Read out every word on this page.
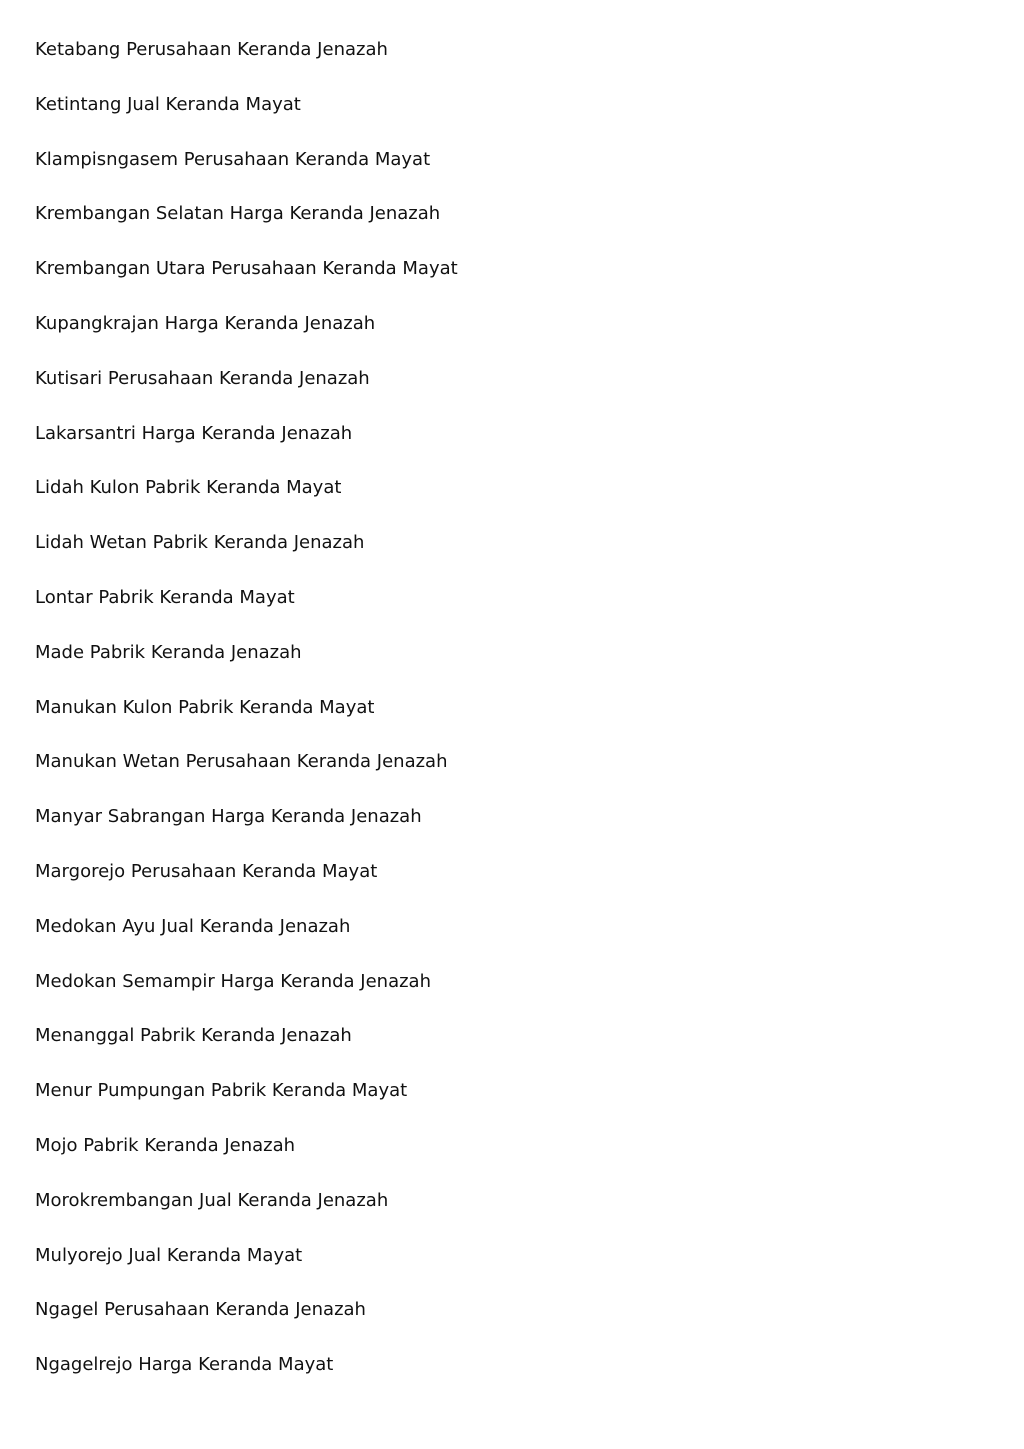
Ketabang Perusahaan Keranda Jenazah
Ketintang Jual Keranda Mayat
Klampisngasem Perusahaan Keranda Mayat
Krembangan Selatan Harga Keranda Jenazah
Krembangan Utara Perusahaan Keranda Mayat
Kupangkrajan Harga Keranda Jenazah
Kutisari Perusahaan Keranda Jenazah
Lakarsantri Harga Keranda Jenazah
Lidah Kulon Pabrik Keranda Mayat
Lidah Wetan Pabrik Keranda Jenazah
Lontar Pabrik Keranda Mayat
Made Pabrik Keranda Jenazah
Manukan Kulon Pabrik Keranda Mayat
Manukan Wetan Perusahaan Keranda Jenazah
Manyar Sabrangan Harga Keranda Jenazah
Margorejo Perusahaan Keranda Mayat
Medokan Ayu Jual Keranda Jenazah
Medokan Semampir Harga Keranda Jenazah
Menanggal Pabrik Keranda Jenazah
Menur Pumpungan Pabrik Keranda Mayat
Mojo Pabrik Keranda Jenazah
Morokrembangan Jual Keranda Jenazah
Mulyorejo Jual Keranda Mayat
Ngagel Perusahaan Keranda Jenazah
Ngagelrejo Harga Keranda Mayat
